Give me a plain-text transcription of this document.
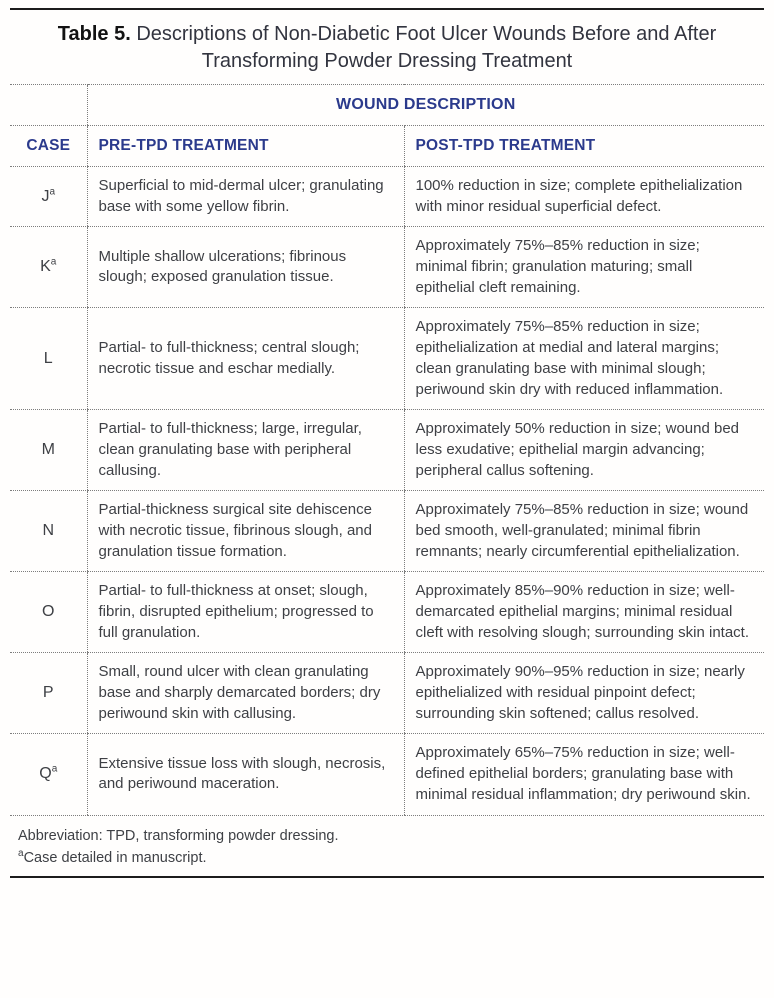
Table 5. Descriptions of Non-Diabetic Foot Ulcer Wounds Before and After Transforming Powder Dressing Treatment
	WOUND DESCRIPTION	
CASE	PRE-TPD TREATMENT	POST-TPD TREATMENT
$J^a$	Superficial to mid-dermal ulcer; granulating base with some yellow fibrin.	100% reduction in size; complete epithelialization with minor residual superficial defect.
$K^a$	Multiple shallow ulcerations; fibrinous slough; exposed granulation tissue.	Approximately 75%–85% reduction in size; minimal fibrin; granulation maturing; small epithelial cleft remaining.
L	Partial- to full-thickness; central slough; necrotic tissue and eschar medially.	Approximately 75%–85% reduction in size; epithelialization at medial and lateral margins; clean granulating base with minimal slough; periwound skin dry with reduced inflammation.
M	Partial- to full-thickness; large, irregular, clean granulating base with peripheral callusing.	Approximately 50% reduction in size; wound bed less exudative; epithelial margin advancing; peripheral callus softening.
N	Partial-thickness surgical site dehiscence with necrotic tissue, fibrinous slough, and granulation tissue formation.	Approximately 75%–85% reduction in size; wound bed smooth, well-granulated; minimal fibrin remnants; nearly circumferential epithelialization.
O	Partial- to full-thickness at onset; slough, fibrin, disrupted epithelium; progressed to full granulation.	Approximately 85%–90% reduction in size; well-demarcated epithelial margins; minimal residual cleft with resolving slough; surrounding skin intact.
P	Small, round ulcer with clean granulating base and sharply demarcated borders; dry periwound skin with callusing.	Approximately 90%–95% reduction in size; nearly epithelialized with residual pinpoint defect; surrounding skin softened; callus resolved.
$Q^a$	Extensive tissue loss with slough, necrosis, and periwound maceration.	Approximately 65%–75% reduction in size; well-defined epithelial borders; granulating base with minimal residual inflammation; dry periwound skin.
Abbreviation: TPD, transforming powder dressing.
$^a$Case detailed in manuscript.
